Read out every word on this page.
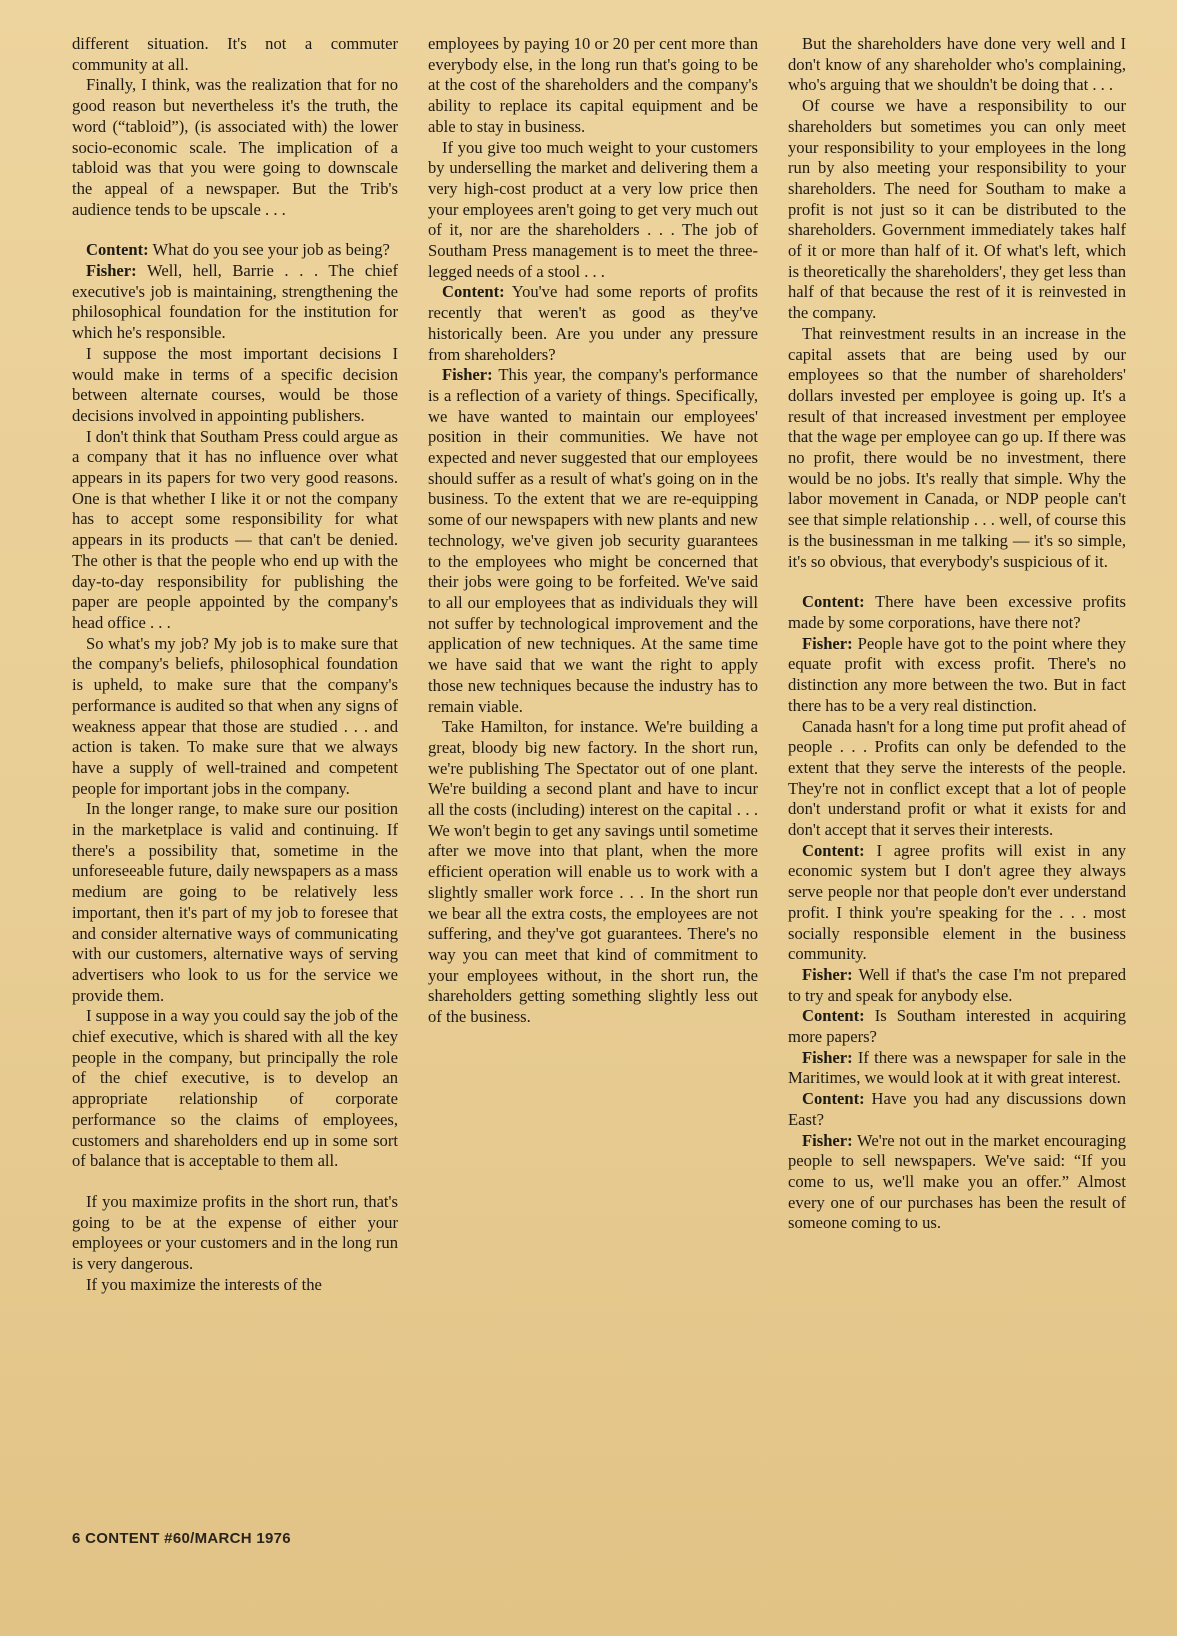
different situation. It's not a commuter community at all.

Finally, I think, was the realization that for no good reason but nevertheless it's the truth, the word (“tabloid”), (is associated with) the lower socio-economic scale. The implication of a tabloid was that you were going to downscale the appeal of a newspaper. But the Trib's audience tends to be upscale . . .

Content: What do you see your job as being?

Fisher: Well, hell, Barrie . . . The chief executive's job is maintaining, strengthening the philosophical foundation for the institution for which he's responsible.

I suppose the most important decisions I would make in terms of a specific decision between alternate courses, would be those decisions involved in appointing publishers.

I don't think that Southam Press could argue as a company that it has no influence over what appears in its papers for two very good reasons. One is that whether I like it or not the company has to accept some responsibility for what appears in its products — that can't be denied. The other is that the people who end up with the day-to-day responsibility for publishing the paper are people appointed by the company's head office . . .

So what's my job? My job is to make sure that the company's beliefs, philosophical foundation is upheld, to make sure that the company's performance is audited so that when any signs of weakness appear that those are studied . . . and action is taken. To make sure that we always have a supply of well-trained and competent people for important jobs in the company.

In the longer range, to make sure our position in the marketplace is valid and continuing. If there's a possibility that, sometime in the unforeseeable future, daily newspapers as a mass medium are going to be relatively less important, then it's part of my job to foresee that and consider alternative ways of communicating with our customers, alternative ways of serving advertisers who look to us for the service we provide them.

I suppose in a way you could say the job of the chief executive, which is shared with all the key people in the company, but principally the role of the chief executive, is to develop an appropriate relationship of corporate performance so the claims of employees, customers and shareholders end up in some sort of balance that is acceptable to them all.

If you maximize profits in the short run, that's going to be at the expense of either your employees or your customers and in the long run is very dangerous.

If you maximize the interests of the

employees by paying 10 or 20 per cent more than everybody else, in the long run that's going to be at the cost of the shareholders and the company's ability to replace its capital equipment and be able to stay in business.

If you give too much weight to your customers by underselling the market and delivering them a very high-cost product at a very low price then your employees aren't going to get very much out of it, nor are the shareholders . . . The job of Southam Press management is to meet the three-legged needs of a stool . . .

Content: You've had some reports of profits recently that weren't as good as they've historically been. Are you under any pressure from shareholders?

Fisher: This year, the company's performance is a reflection of a variety of things. Specifically, we have wanted to maintain our employees' position in their communities. We have not expected and never suggested that our employees should suffer as a result of what's going on in the business. To the extent that we are re-equipping some of our newspapers with new plants and new technology, we've given job security guarantees to the employees who might be concerned that their jobs were going to be forfeited. We've said to all our employees that as individuals they will not suffer by technological improvement and the application of new techniques. At the same time we have said that we want the right to apply those new techniques because the industry has to remain viable.

Take Hamilton, for instance. We're building a great, bloody big new factory. In the short run, we're publishing The Spectator out of one plant. We're building a second plant and have to incur all the costs (including) interest on the capital . . . We won't begin to get any savings until sometime after we move into that plant, when the more efficient operation will enable us to work with a slightly smaller work force . . . In the short run we bear all the extra costs, the employees are not suffering, and they've got guarantees. There's no way you can meet that kind of commitment to your employees without, in the short run, the shareholders getting something slightly less out of the business.

But the shareholders have done very well and I don't know of any shareholder who's complaining, who's arguing that we shouldn't be doing that . . .

Of course we have a responsibility to our shareholders but sometimes you can only meet your responsibility to your employees in the long run by also meeting your responsibility to your shareholders. The need for Southam to make a profit is not just so it can be distributed to the shareholders. Government immediately takes half of it or more than half of it. Of what's left, which is theoretically the shareholders', they get less than half of that because the rest of it is reinvested in the company.

That reinvestment results in an increase in the capital assets that are being used by our employees so that the number of shareholders' dollars invested per employee is going up. It's a result of that increased investment per employee that the wage per employee can go up. If there was no profit, there would be no investment, there would be no jobs. It's really that simple. Why the labor movement in Canada, or NDP people can't see that simple relationship . . . well, of course this is the businessman in me talking — it's so simple, it's so obvious, that everybody's suspicious of it.

Content: There have been excessive profits made by some corporations, have there not?

Fisher: People have got to the point where they equate profit with excess profit. There's no distinction any more between the two. But in fact there has to be a very real distinction.

Canada hasn't for a long time put profit ahead of people . . . Profits can only be defended to the extent that they serve the interests of the people. They're not in conflict except that a lot of people don't understand profit or what it exists for and don't accept that it serves their interests.

Content: I agree profits will exist in any economic system but I don't agree they always serve people nor that people don't ever understand profit. I think you're speaking for the . . . most socially responsible element in the business community.

Fisher: Well if that's the case I'm not prepared to try and speak for anybody else.

Content: Is Southam interested in acquiring more papers?

Fisher: If there was a newspaper for sale in the Maritimes, we would look at it with great interest.

Content: Have you had any discussions down East?

Fisher: We're not out in the market encouraging people to sell newspapers. We've said: “If you come to us, we'll make you an offer.” Almost every one of our purchases has been the result of someone coming to us.

6 CONTENT #60/MARCH 1976
